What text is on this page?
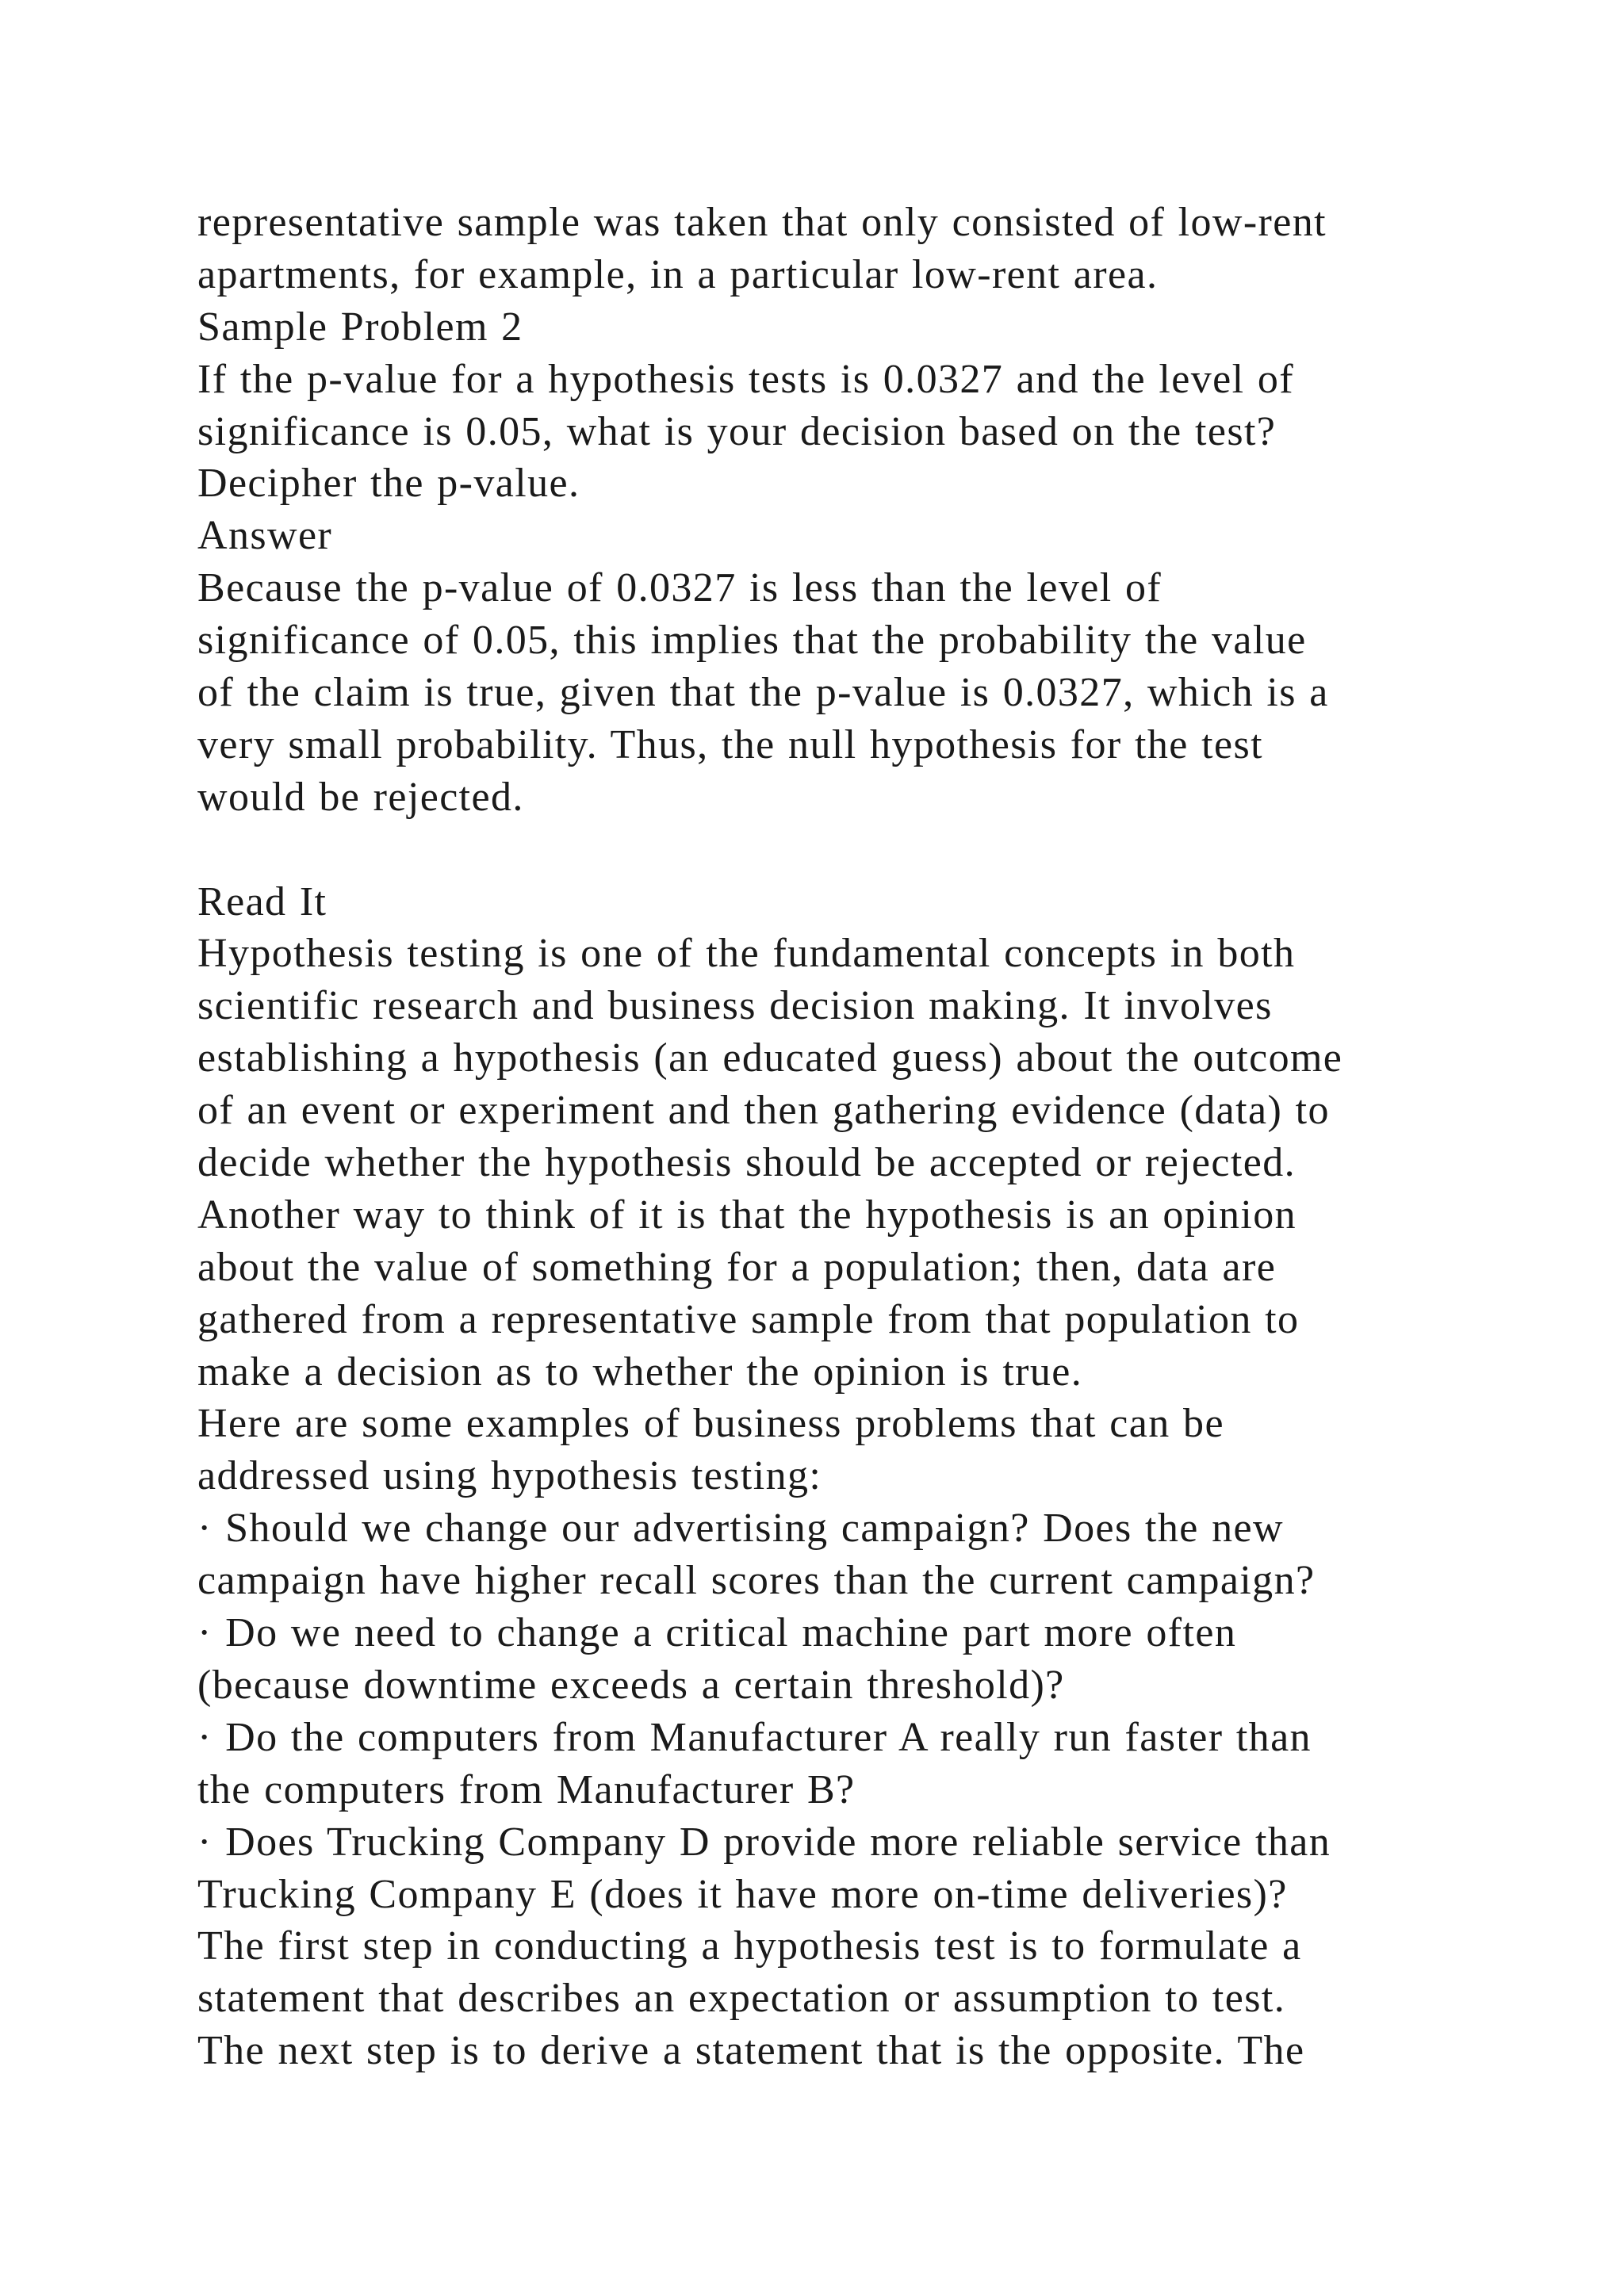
representative sample was taken that only consisted of low-rent
apartments, for example, in a particular low-rent area.
Sample Problem 2
If the p-value for a hypothesis tests is 0.0327 and the level of
significance is 0.05, what is your decision based on the test?
Decipher the p-value.
Answer
Because the p-value of 0.0327 is less than the level of
significance of 0.05, this implies that the probability the value
of the claim is true, given that the p-value is 0.0327, which is a
very small probability. Thus, the null hypothesis for the test
would be rejected.
Read It
Hypothesis testing is one of the fundamental concepts in both
scientific research and business decision making. It involves
establishing a hypothesis (an educated guess) about the outcome
of an event or experiment and then gathering evidence (data) to
decide whether the hypothesis should be accepted or rejected.
Another way to think of it is that the hypothesis is an opinion
about the value of something for a population; then, data are
gathered from a representative sample from that population to
make a decision as to whether the opinion is true.
Here are some examples of business problems that can be
addressed using hypothesis testing:
· Should we change our advertising campaign? Does the new
campaign have higher recall scores than the current campaign?
· Do we need to change a critical machine part more often
(because downtime exceeds a certain threshold)?
· Do the computers from Manufacturer A really run faster than
the computers from Manufacturer B?
· Does Trucking Company D provide more reliable service than
Trucking Company E (does it have more on-time deliveries)?
The first step in conducting a hypothesis test is to formulate a
statement that describes an expectation or assumption to test.
The next step is to derive a statement that is the opposite. The
